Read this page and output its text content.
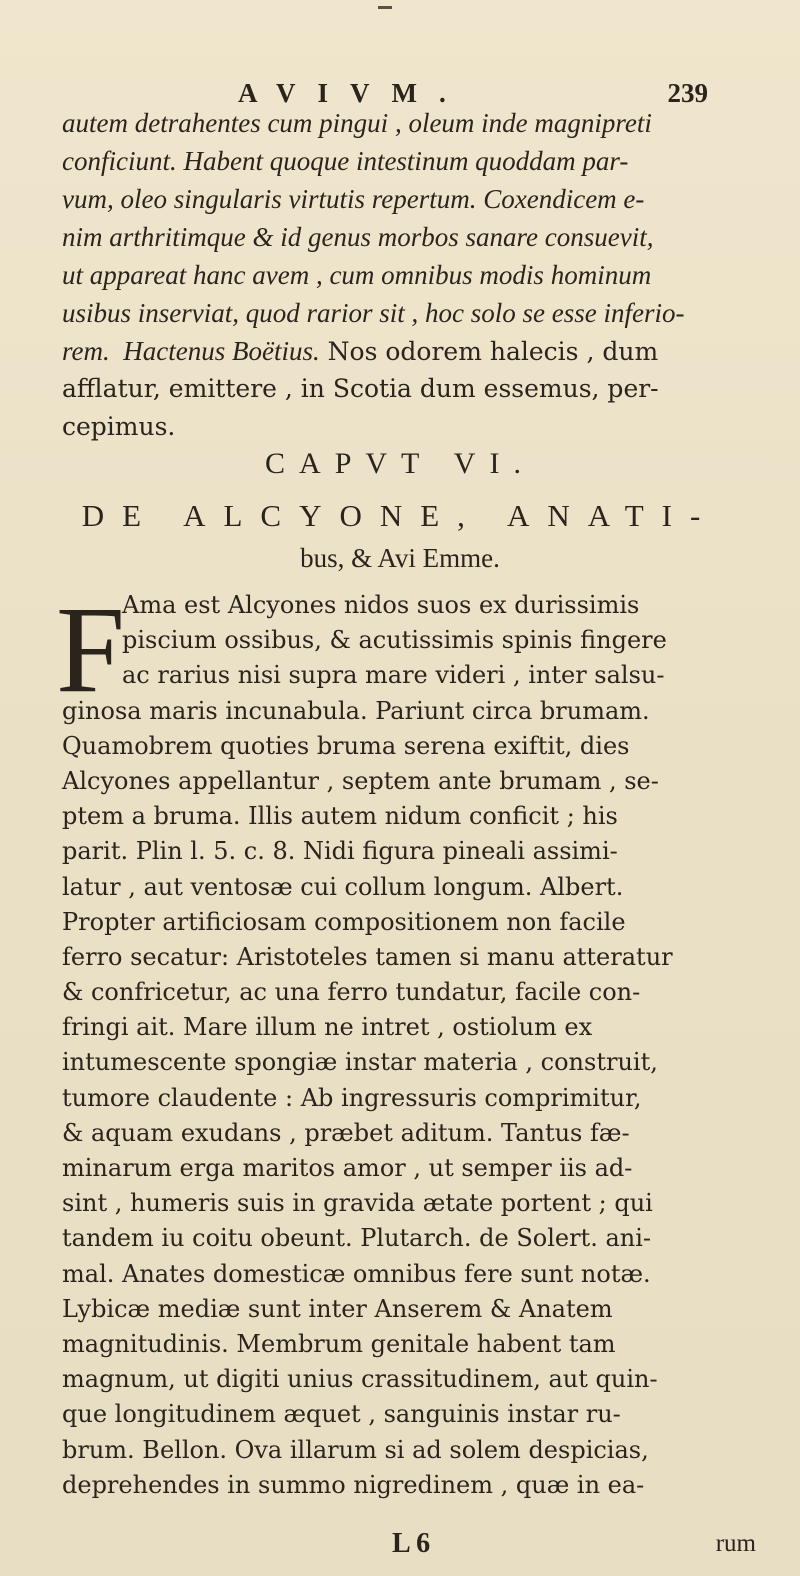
AVIVM.	239
autem detrahentes cum pingui , oleum inde magnipreti
conficiunt. Habent quoque intestinum quoddam par-
vum, oleo singularis virtutis repertum. Coxendicem e-
nim arthritimque & id genus morbos sanare consuevit,
ut appareat hanc avem , cum omnibus modis hominum
usibus inserviat, quod rarior sit , hoc solo se esse inferio-
rem. Hactenus Boëtius. Nos odorem halecis , dum
afflatur, emittere , in Scotia dum essemus, per-
cepimus.
CAPVT VI.
DE ALCYONE, ANATI-
bus, & Avi Emme.
F
Ama est Alcyones nidos suos ex durissimis
piscium ossibus, & acutissimis spinis fingere
ac rarius nisi supra mare videri , inter salsu-
ginosa maris incunabula. Pariunt circa brumam.
Quamobrem quoties bruma serena exiftit, dies
Alcyones appellantur , septem ante brumam , se-
ptem a bruma. Illis autem nidum conficit ; his
parit. Plin l. 5. c. 8. Nidi figura pineali assimi-
latur , aut ventosæ cui collum longum. Albert.
Propter artificiosam compositionem non facile
ferro secatur: Aristoteles tamen si manu atteratur
& confricetur, ac una ferro tundatur, facile con-
fringi ait. Mare illum ne intret , ostiolum ex
intumescente spongiæ instar materia , construit,
tumore claudente : Ab ingressuris comprimitur,
& aquam exudans , præbet aditum. Tantus fæ-
minarum erga maritos amor , ut semper iis ad-
sint , humeris suis in gravida ætate portent ; qui
tandem iu coitu obeunt. Plutarch. de Solert. ani-
mal. Anates domesticæ omnibus fere sunt notæ.
Lybicæ mediæ sunt inter Anserem & Anatem
magnitudinis. Membrum genitale habent tam
magnum, ut digiti unius crassitudinem, aut quin-
que longitudinem æquet , sanguinis instar ru-
brum. Bellon. Ova illarum si ad solem despicias,
deprehendes in summo nigredinem , quæ in ea-
L 6	rum
